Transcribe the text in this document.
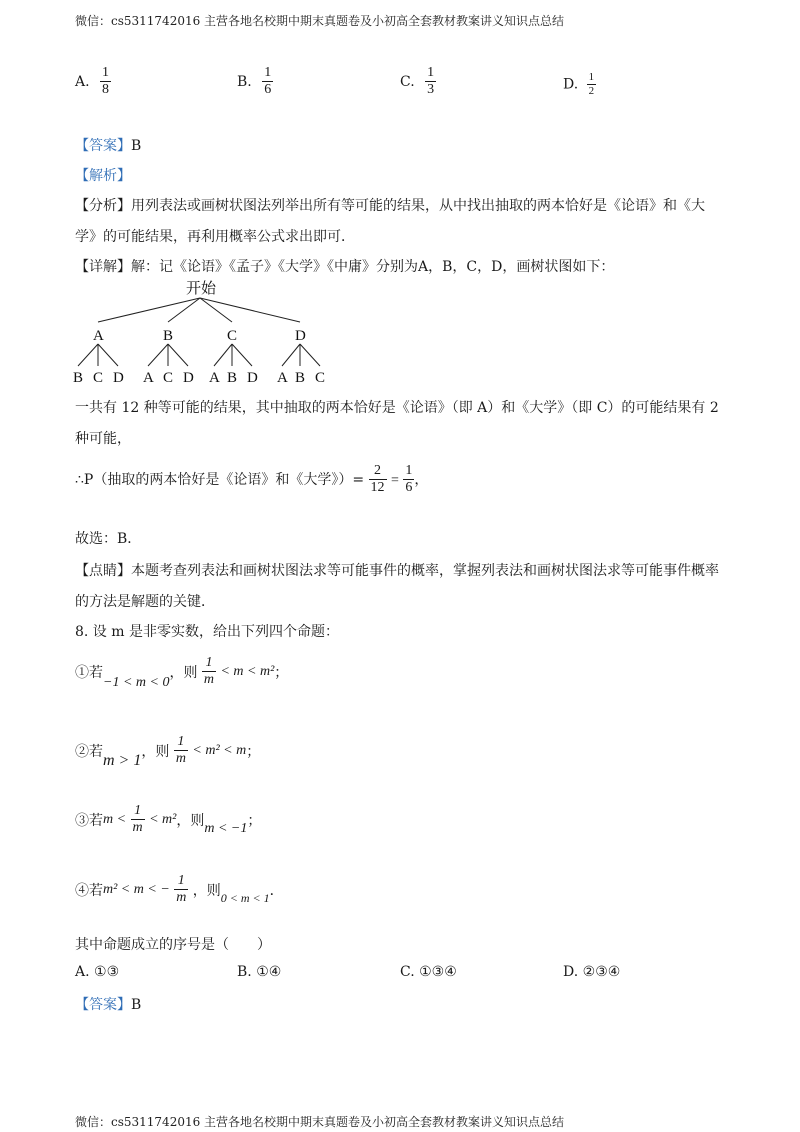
微信：cs5311742016 主营各地名校期中期末真题卷及小初高全套教材教案讲义知识点总结
A. $\frac{1}{8}$	B. $\frac{1}{6}$	C. $\frac{1}{3}$	D. $\frac{1}{2}$
【答案】B
【解析】
【分析】用列表法或画树状图法列举出所有等可能的结果，从中找出抽取的两本恰好是《论语》和《大
学》的可能结果，再利用概率公式求出即可．
【详解】解：记《论语》《孟子》《大学》《中庸》分别为A，B，C，D，画树状图如下：
开始
A	B	C	D
B C D A C D A B D A B C
一共有 12 种等可能的结果，其中抽取的两本恰好是《论语》（即 A）和《大学》（即 C）的可能结果有 2
种可能，
∴P（抽取的两本恰好是《论语》和《大学》）= $\frac{2}{12} = \frac{1}{6}$ ，
故选：B．
【点睛】本题考查列表法和画树状图法求等可能事件的概率，掌握列表法和画树状图法求等可能事件概率
的方法是解题的关键．
8. 设 m 是非零实数，给出下列四个命题：
①若−1 < m < 0，则 $\frac{1}{m} < m < m^2$；
②若m > 1，则 $\frac{1}{m} < m^2 < m$；
③若$m < \frac{1}{m} < m^2$，则m < −1；
④若m² < m < − $\frac{1}{m}$ ，则0 < m < 1．
其中命题成立的序号是（　　）
A. ①③	B. ①④	C. ①③④	D. ②③④
【答案】B
微信：cs5311742016 主营各地名校期中期末真题卷及小初高全套教材教案讲义知识点总结
